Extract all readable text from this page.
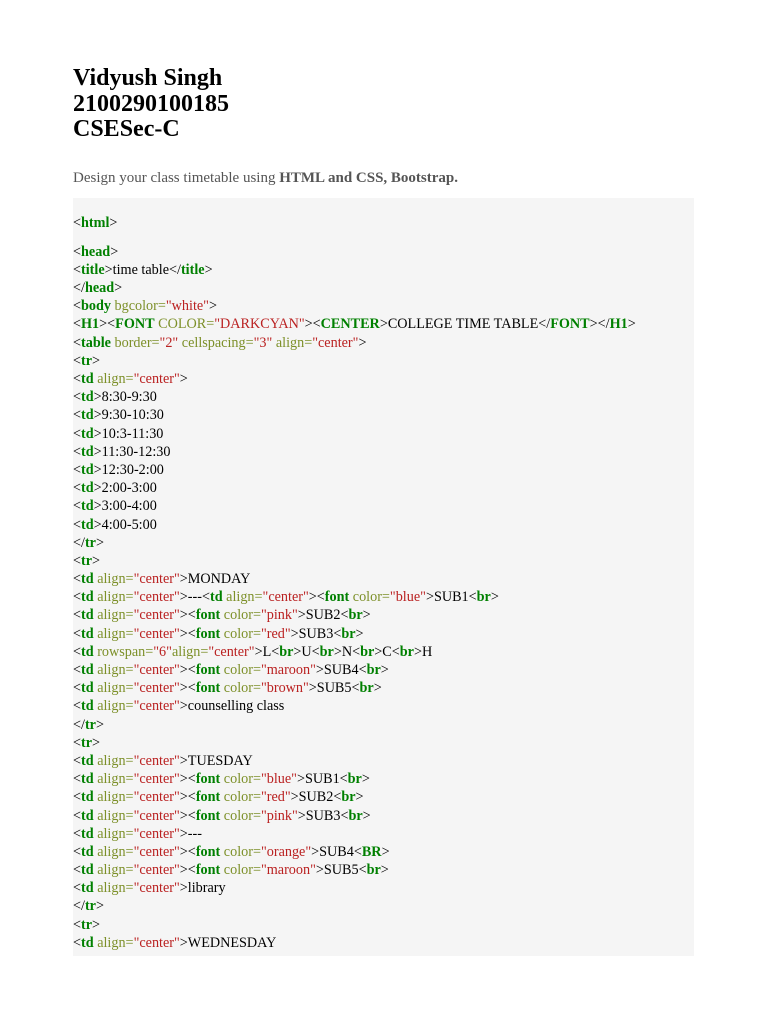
Vidyush Singh
2100290100185
CSESec-C
Design your class timetable using HTML and CSS, Bootstrap.
<html>
<head>
<title>time table</title>
</head>
<body bgcolor="white">
<H1><FONT COLOR="DARKCYAN"><CENTER>COLLEGE TIME TABLE</FONT></H1>
<table border="2" cellspacing="3" align="center">
<tr>
<td align="center">
<td>8:30-9:30
<td>9:30-10:30
<td>10:3-11:30
<td>11:30-12:30
<td>12:30-2:00
<td>2:00-3:00
<td>3:00-4:00
<td>4:00-5:00
</tr>
<tr>
<td align="center">MONDAY
<td align="center">---<td align="center"><font color="blue">SUB1<br>
<td align="center"><font color="pink">SUB2<br>
<td align="center"><font color="red">SUB3<br>
<td rowspan="6"align="center">L<br>U<br>N<br>C<br>H
<td align="center"><font color="maroon">SUB4<br>
<td align="center"><font color="brown">SUB5<br>
<td align="center">counselling class
</tr>
<tr>
<td align="center">TUESDAY
<td align="center"><font color="blue">SUB1<br>
<td align="center"><font color="red">SUB2<br>
<td align="center"><font color="pink">SUB3<br>
<td align="center">---
<td align="center"><font color="orange">SUB4<BR>
<td align="center"><font color="maroon">SUB5<br>
<td align="center">library
</tr>
<tr>
<td align="center">WEDNESDAY
